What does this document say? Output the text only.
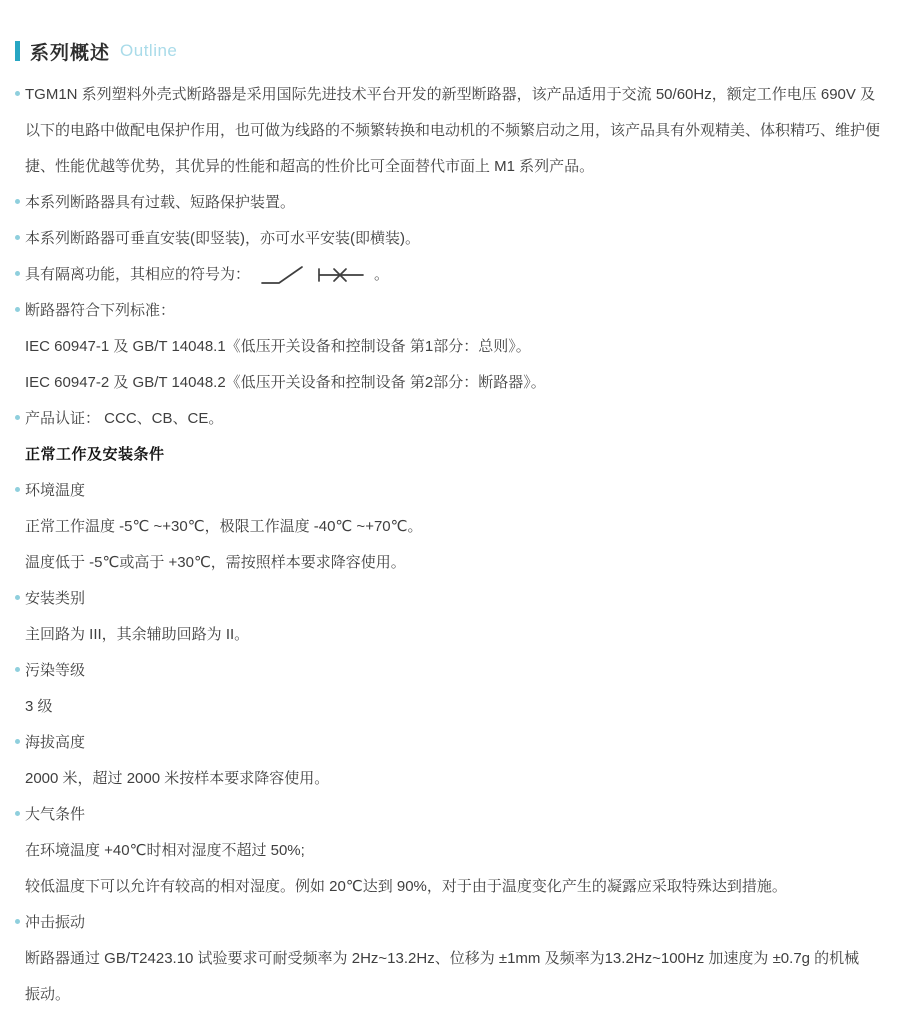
系列概述 Outline
TGM1N 系列塑料外壳式断路器是采用国际先进技术平台开发的新型断路器，该产品适用于交流 50/60Hz，额定工作电压 690V 及
以下的电路中做配电保护作用，也可做为线路的不频繁转换和电动机的不频繁启动之用，该产品具有外观精美、体积精巧、维护便
捷、性能优越等优势，其优异的性能和超高的性价比可全面替代市面上 M1 系列产品。
本系列断路器具有过载、短路保护装置。
本系列断路器可垂直安装(即竖装)，亦可水平安装(即横装)。
具有隔离功能，其相应的符号为：	。
断路器符合下列标准：
IEC 60947-1 及 GB/T 14048.1《低压开关设备和控制设备 第1部分：总则》。
IEC 60947-2 及 GB/T 14048.2《低压开关设备和控制设备 第2部分：断路器》。
产品认证： CCC、CB、CE。
正常工作及安装条件
环境温度
正常工作温度 -5℃ ~+30℃，极限工作温度 -40℃ ~+70℃。
温度低于 -5℃或高于 +30℃，需按照样本要求降容使用。
安装类别
主回路为 III，其余辅助回路为 II。
污染等级
3 级
海拔高度
2000 米，超过 2000 米按样本要求降容使用。
大气条件
在环境温度 +40℃时相对湿度不超过 50%;
较低温度下可以允许有较高的相对湿度。例如 20℃达到 90%，对于由于温度变化产生的凝露应采取特殊达到措施。
冲击振动
断路器通过 GB/T2423.10 试验要求可耐受频率为 2Hz~13.2Hz、位移为 ±1mm 及频率为13.2Hz~100Hz 加速度为 ±0.7g 的机械
振动。
